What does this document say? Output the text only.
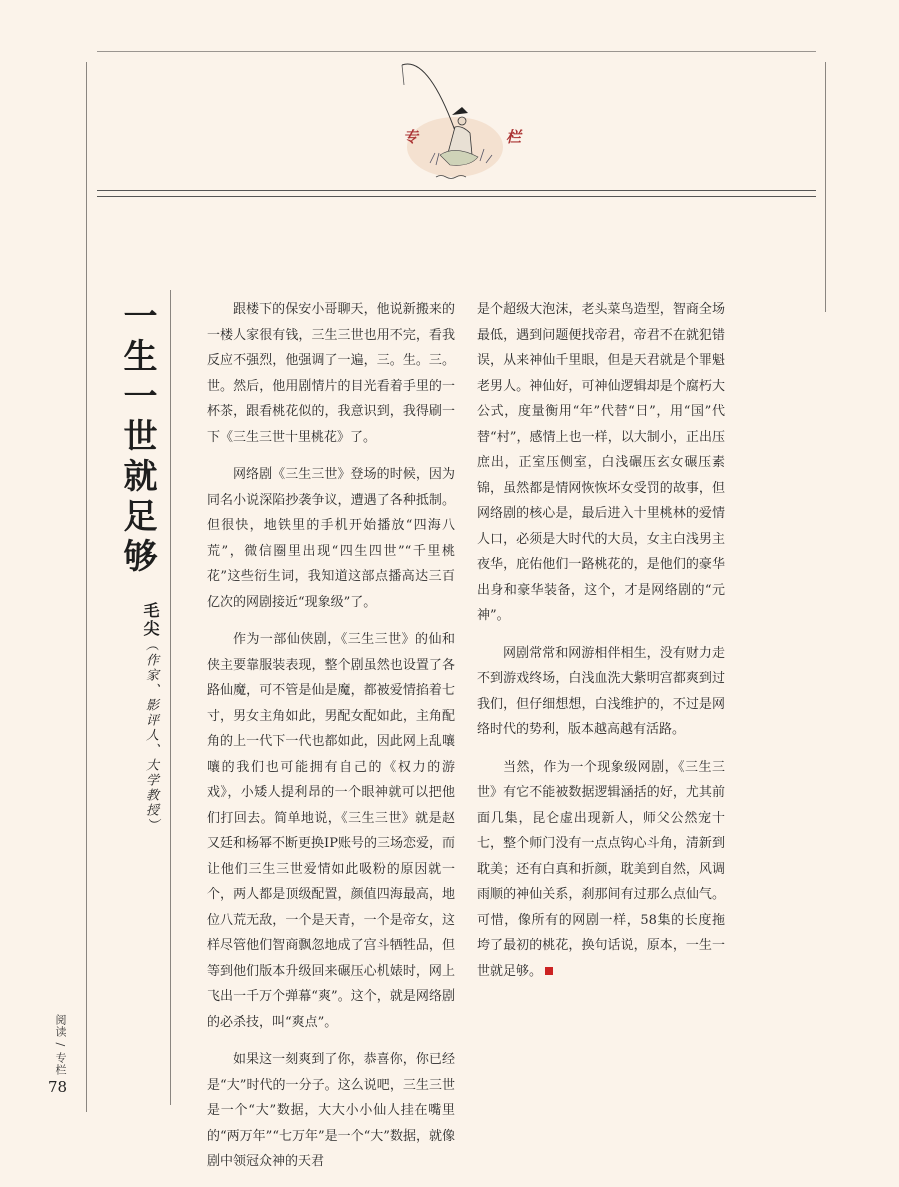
专	栏
一生一世就足够
毛尖（作家、影评人、大学教授）

跟楼下的保安小哥聊天，他说新搬来的一楼人家很有钱，三生三世也用不完，看我反应不强烈，他强调了一遍，三。生。三。世。然后，他用剧情片的目光看着手里的一杯茶，跟看桃花似的，我意识到，我得刷一下《三生三世十里桃花》了。

网络剧《三生三世》登场的时候，因为同名小说深陷抄袭争议，遭遇了各种抵制。但很快，地铁里的手机开始播放“四海八荒”，微信圈里出现“四生四世”“千里桃花”这些衍生词，我知道这部点播高达三百亿次的网剧接近“现象级”了。

作为一部仙侠剧，《三生三世》的仙和侠主要靠服装表现，整个剧虽然也设置了各路仙魔，可不管是仙是魔，都被爱情掐着七寸，男女主角如此，男配女配如此，主角配角的上一代下一代也都如此，因此网上乱嚷嚷的我们也可能拥有自己的《权力的游戏》，小矮人提利昂的一个眼神就可以把他们打回去。简单地说，《三生三世》就是赵又廷和杨幂不断更换IP账号的三场恋爱，而让他们三生三世爱情如此吸粉的原因就一个，两人都是顶级配置，颜值四海最高，地位八荒无敌，一个是天青，一个是帝女，这样尽管他们智商飘忽地成了宫斗牺牲品，但等到他们版本升级回来碾压心机婊时，网上飞出一千万个弹幕“爽”。这个，就是网络剧的必杀技，叫“爽点”。

如果这一刻爽到了你，恭喜你，你已经是“大”时代的一分子。这么说吧，三生三世是一个“大”数据，大大小小仙人挂在嘴里的“两万年”“七万年”是一个“大”数据，就像剧中领冠众神的天君

是个超级大泡沫，老头菜鸟造型，智商全场最低，遇到问题便找帝君，帝君不在就犯错误，从来神仙千里眼，但是天君就是个罪魁老男人。神仙好，可神仙逻辑却是个腐朽大公式，度量衡用“年”代替“日”，用“国”代替“村”，感情上也一样，以大制小，正出压庶出，正室压侧室，白浅碾压玄女碾压素锦，虽然都是情网恢恢坏女受罚的故事，但网络剧的核心是，最后进入十里桃林的爱情人口，必须是大时代的大员，女主白浅男主夜华，庇佑他们一路桃花的，是他们的豪华出身和豪华装备，这个，才是网络剧的“元神”。

网剧常常和网游相伴相生，没有财力走不到游戏终场，白浅血洗大紫明宫都爽到过我们，但仔细想想，白浅维护的，不过是网络时代的势利，版本越高越有活路。

当然，作为一个现象级网剧，《三生三世》有它不能被数据逻辑涵括的好，尤其前面几集，昆仑虚出现新人，师父公然宠十七，整个师门没有一点点钩心斗角，清新到耽美；还有白真和折颜，耽美到自然，风调雨顺的神仙关系，刹那间有过那么点仙气。可惜，像所有的网剧一样，58集的长度拖垮了最初的桃花，换句话说，原本，一生一世就足够。

阅读 / 专栏
78
